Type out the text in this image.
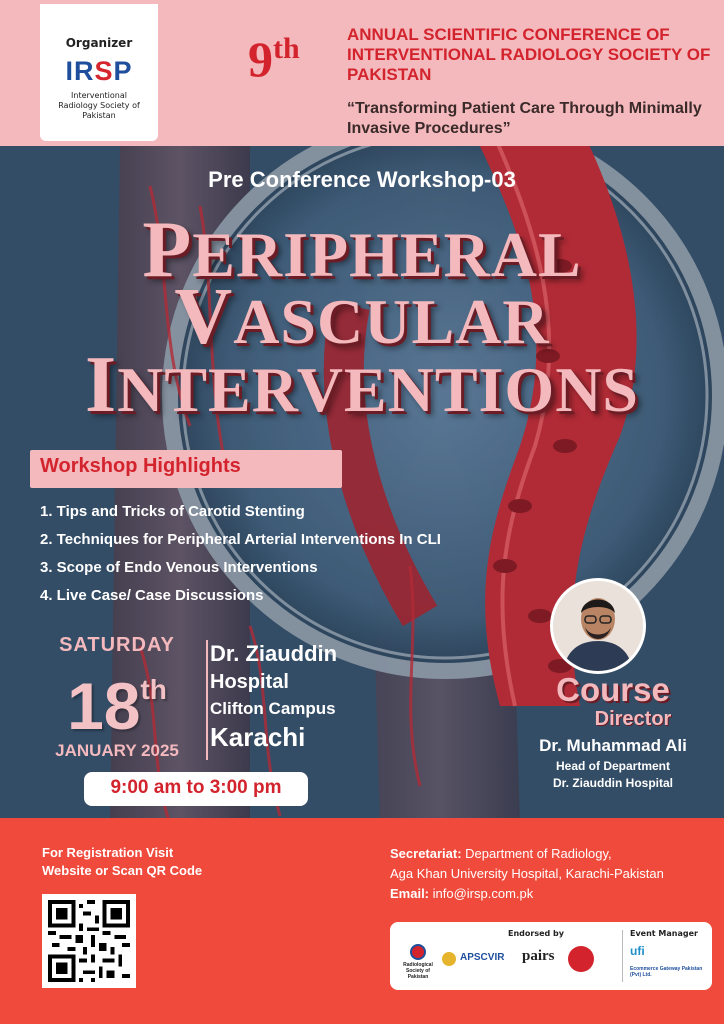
Organizer
IRSP
Interventional Radiology Society of Pakistan
9th	ANNUAL SCIENTIFIC CONFERENCE OF INTERVENTIONAL RADIOLOGY SOCIETY OF PAKISTAN
“Transforming Patient Care Through Minimally Invasive Procedures”
Pre Conference Workshop-03
PERIPHERAL
VASCULAR
INTERVENTIONS
Workshop Highlights
1. Tips and Tricks of Carotid Stenting
2. Techniques for Peripheral Arterial Interventions In CLI
3. Scope of Endo Venous Interventions
4. Live Case/ Case Discussions
SATURDAY
18th
JANUARY 2025
Dr. Ziauddin
Hospital
Clifton Campus
Karachi
9:00 am to 3:00 pm
Course
Director
Dr. Muhammad Ali
Head of Department
Dr. Ziauddin Hospital
For Registration Visit
Website or Scan QR Code
Secretariat: Department of Radiology,
Aga Khan University Hospital, Karachi-Pakistan
Email: info@irsp.com.pk
Endorsed by	Event Manager
Radiological Society of Pakistan
APSCVIR pairs	ufi
Ecommerce Gateway Pakistan (Pvt) Ltd.
